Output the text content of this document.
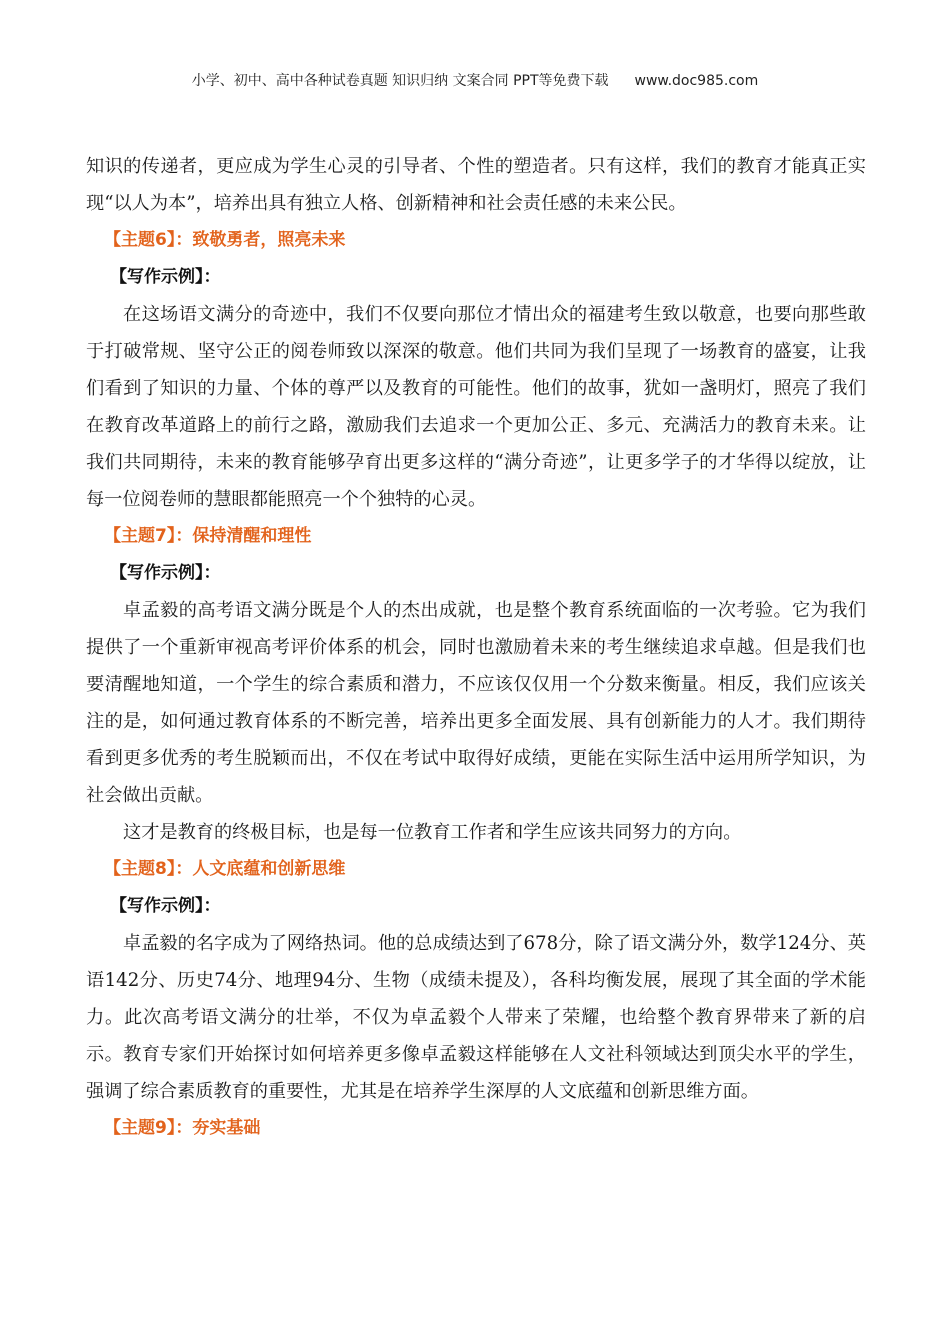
小学、初中、高中各种试卷真题 知识归纳 文案合同 PPT等免费下载 www.doc985.com

知识的传递者，更应成为学生心灵的引导者、个性的塑造者。只有这样，我们的教育才能真正实现“以人为本”，培养出具有独立人格、创新精神和社会责任感的未来公民。

【主题6】：致敬勇者，照亮未来
【写作示例】：

在这场语文满分的奇迹中，我们不仅要向那位才情出众的福建考生致以敬意，也要向那些敢于打破常规、坚守公正的阅卷师致以深深的敬意。他们共同为我们呈现了一场教育的盛宴，让我们看到了知识的力量、个体的尊严以及教育的可能性。他们的故事，犹如一盏明灯，照亮了我们在教育改革道路上的前行之路，激励我们去追求一个更加公正、多元、充满活力的教育未来。让我们共同期待，未来的教育能够孕育出更多这样的“满分奇迹”，让更多学子的才华得以绽放，让每一位阅卷师的慧眼都能照亮一个个独特的心灵。

【主题7】：保持清醒和理性
【写作示例】：

卓孟毅的高考语文满分既是个人的杰出成就，也是整个教育系统面临的一次考验。它为我们提供了一个重新审视高考评价体系的机会，同时也激励着未来的考生继续追求卓越。但是我们也要清醒地知道，一个学生的综合素质和潜力，不应该仅仅用一个分数来衡量。相反，我们应该关注的是，如何通过教育体系的不断完善，培养出更多全面发展、具有创新能力的人才。我们期待看到更多优秀的考生脱颖而出，不仅在考试中取得好成绩，更能在实际生活中运用所学知识，为社会做出贡献。

这才是教育的终极目标，也是每一位教育工作者和学生应该共同努力的方向。

【主题8】：人文底蕴和创新思维
【写作示例】：

卓孟毅的名字成为了网络热词。他的总成绩达到了678分，除了语文满分外，数学124分、英语142分、历史74分、地理94分、生物（成绩未提及），各科均衡发展，展现了其全面的学术能力。此次高考语文满分的壮举，不仅为卓孟毅个人带来了荣耀，也给整个教育界带来了新的启示。教育专家们开始探讨如何培养更多像卓孟毅这样能够在人文社科领域达到顶尖水平的学生，强调了综合素质教育的重要性，尤其是在培养学生深厚的人文底蕴和创新思维方面。

【主题9】：夯实基础
